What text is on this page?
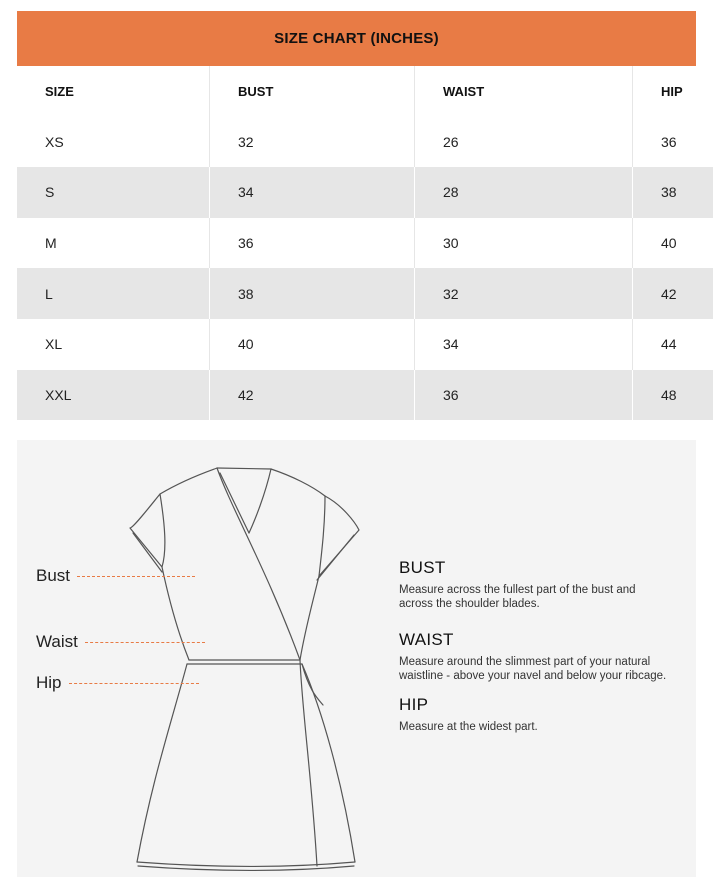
SIZE CHART (INCHES)
SIZE	BUST	WAIST	HIP
XS	32	26	36
S	34	28	38
M	36	30	40
L	38	32	42
XL	40	34	44
XXL	42	36	48
Bust
Waist
Hip

BUST

Measure across the fullest part of the bust and across the shoulder blades.

WAIST

Measure around the slimmest part of your natural waistline - above your navel and below your ribcage.

HIP

Measure at the widest part.
